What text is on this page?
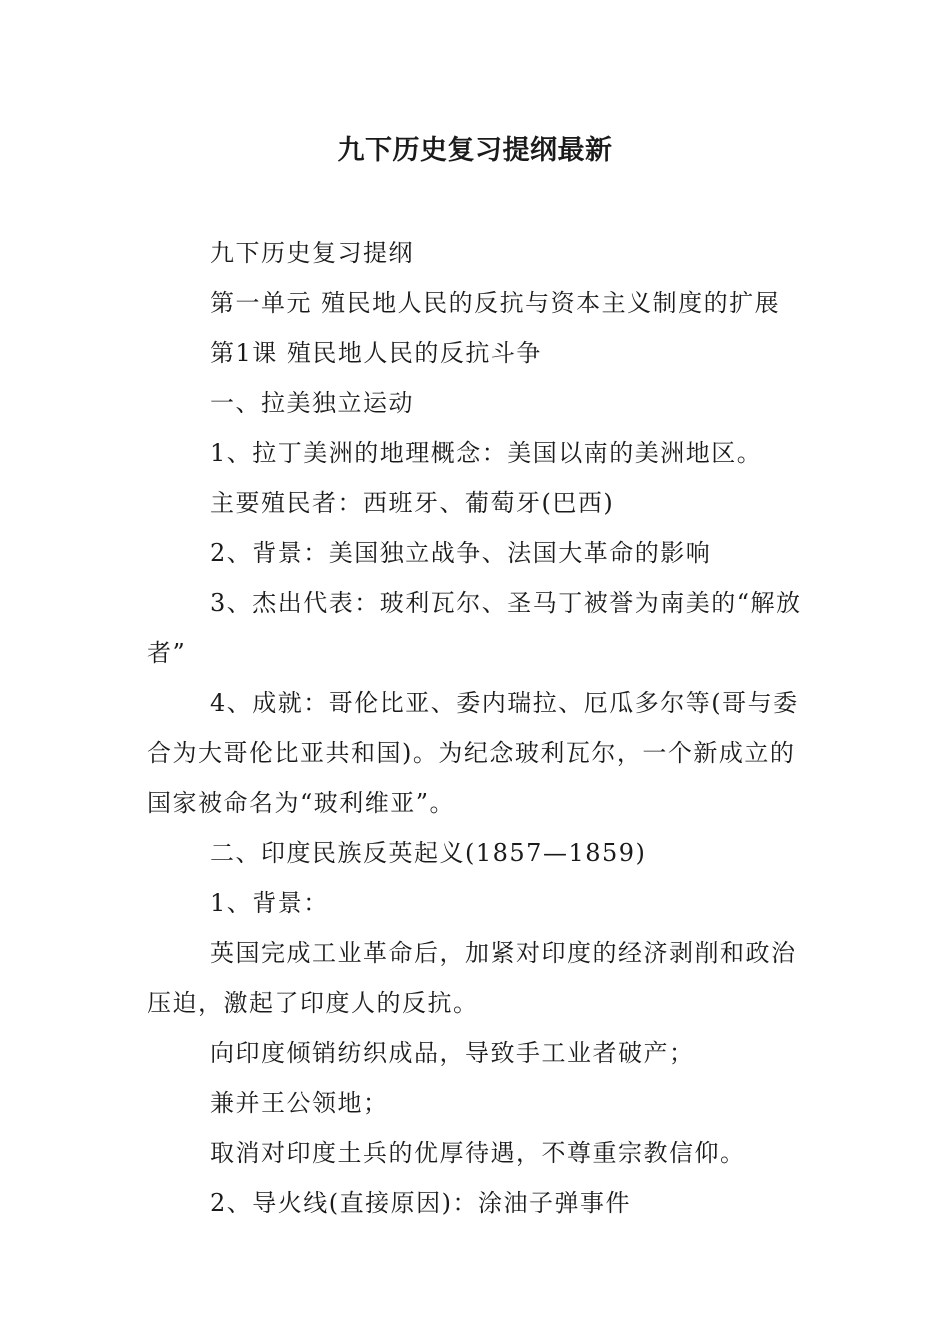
九下历史复习提纲最新

九下历史复习提纲

第一单元 殖民地人民的反抗与资本主义制度的扩展

第1课 殖民地人民的反抗斗争

一、拉美独立运动

1、拉丁美洲的地理概念：美国以南的美洲地区。

主要殖民者：西班牙、葡萄牙(巴西)

2、背景：美国独立战争、法国大革命的影响

3、杰出代表：玻利瓦尔、圣马丁被誉为南美的“解放者”

4、成就：哥伦比亚、委内瑞拉、厄瓜多尔等(哥与委合为大哥伦比亚共和国)。为纪念玻利瓦尔，一个新成立的国家被命名为“玻利维亚”。

二、印度民族反英起义(1857—1859)

1、背景：

英国完成工业革命后，加紧对印度的经济剥削和政治压迫，激起了印度人的反抗。

向印度倾销纺织成品，导致手工业者破产；

兼并王公领地；

取消对印度土兵的优厚待遇，不尊重宗教信仰。

2、导火线(直接原因)：涂油子弹事件
